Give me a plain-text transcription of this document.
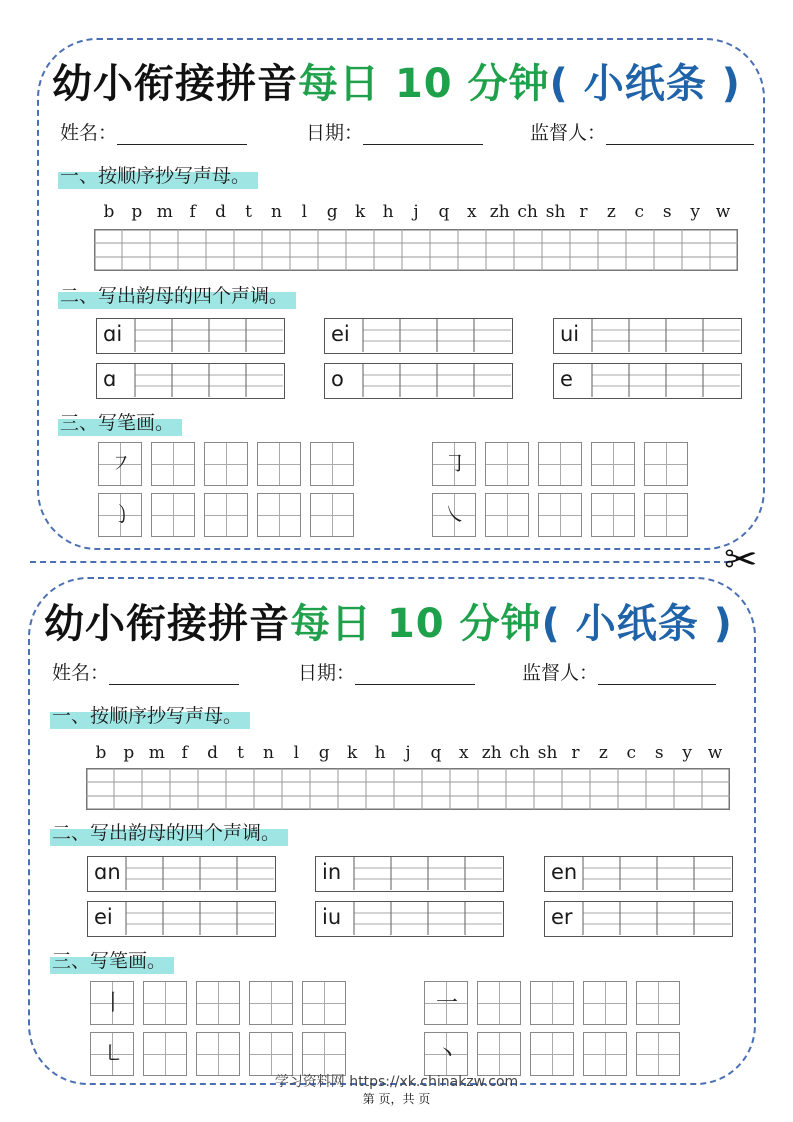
幼小衔接拼音每日 10 分钟( 小纸条 )
姓名：	日期：	监督人：
一、按顺序抄写声母。
b p m f d t n l g k h j q x zh ch sh r z c s y w
二、写出韵母的四个声调。
ɑi	ei	ui
ɑ	o	e
三、写笔画。
㇇	㇆
㇁	㇏
✂
幼小衔接拼音每日 10 分钟( 小纸条 )
姓名：	日期：	监督人：
一、按顺序抄写声母。
b p m f d t n l g k h j q x zh ch sh r z c s y w
二、写出韵母的四个声调。
ɑn	in	en
ei	iu	er
三、写笔画。
丨	一
㇄	丶
学习资料网 https://xk.chinakzw.com
第 页，共 页
